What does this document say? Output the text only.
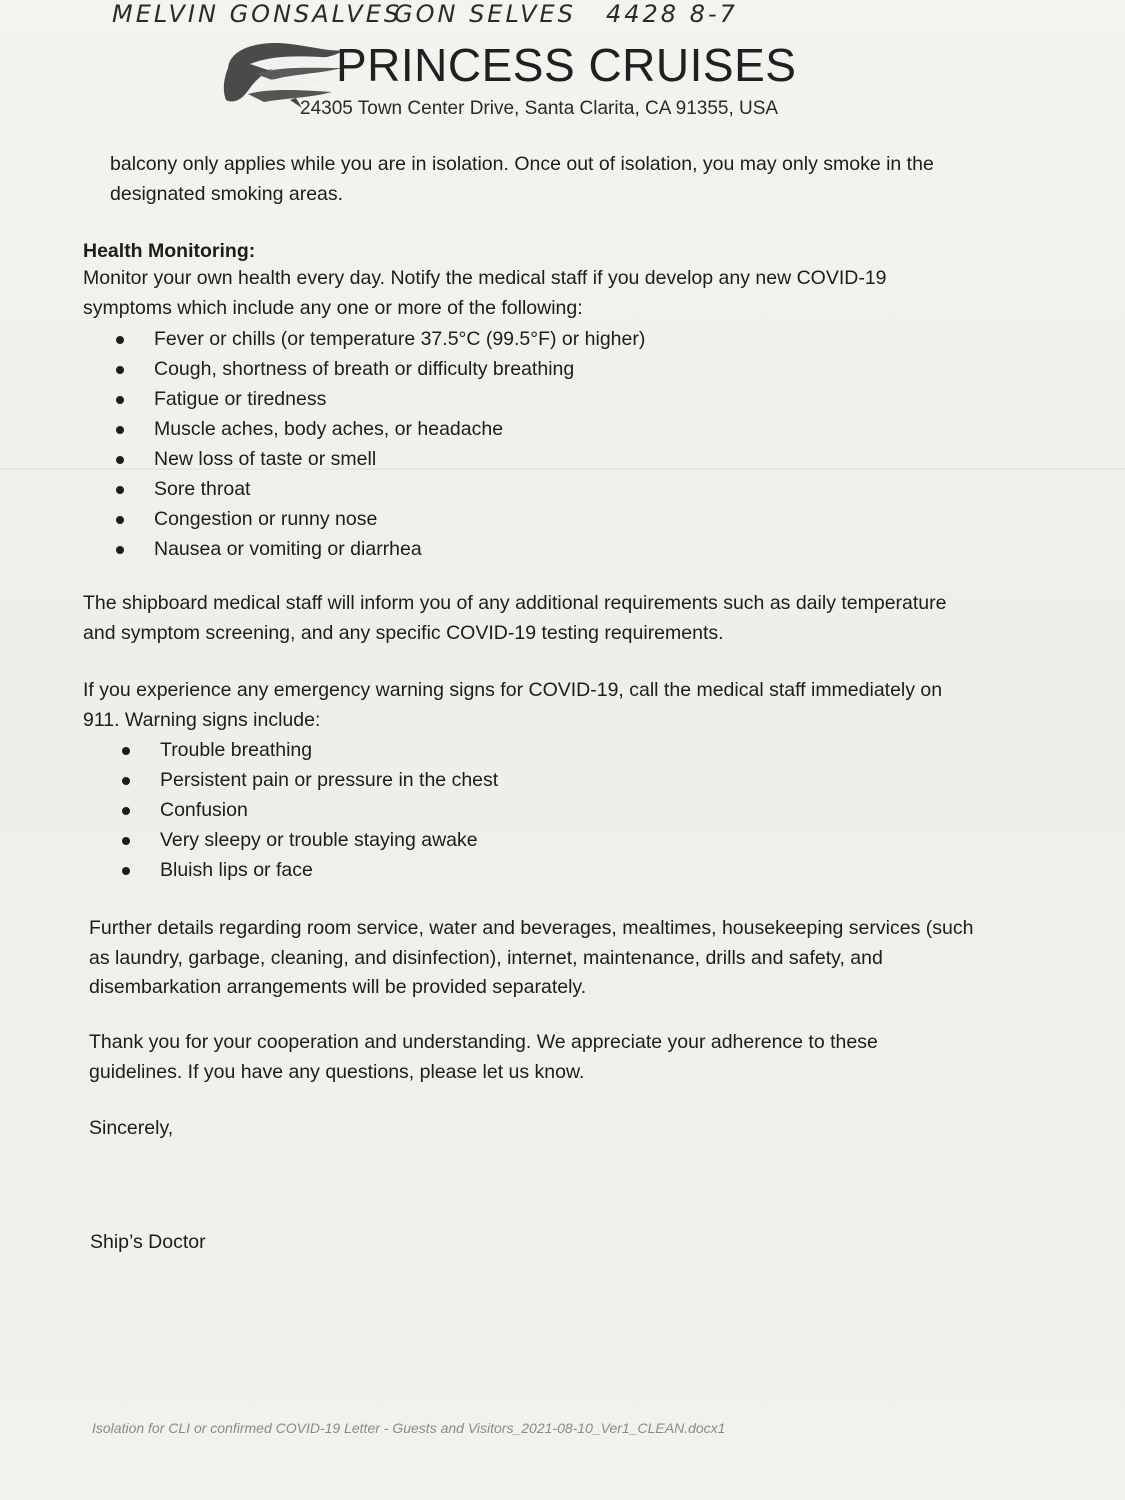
MELVIN GONSALVES
GON SELVES 4428 8-7
PRINCESS CRUISES
24305 Town Center Drive, Santa Clarita, CA 91355, USA
balcony only applies while you are in isolation. Once out of isolation, you may only smoke in the
designated smoking areas.
Health Monitoring:
Monitor your own health every day. Notify the medical staff if you develop any new COVID-19
symptoms which include any one or more of the following:
Fever or chills (or temperature 37.5°C (99.5°F) or higher)
Cough, shortness of breath or difficulty breathing
Fatigue or tiredness
Muscle aches, body aches, or headache
New loss of taste or smell
Sore throat
Congestion or runny nose
Nausea or vomiting or diarrhea
The shipboard medical staff will inform you of any additional requirements such as daily temperature
and symptom screening, and any specific COVID-19 testing requirements.
If you experience any emergency warning signs for COVID-19, call the medical staff immediately on
911. Warning signs include:
Trouble breathing
Persistent pain or pressure in the chest
Confusion
Very sleepy or trouble staying awake
Bluish lips or face
Further details regarding room service, water and beverages, mealtimes, housekeeping services (such
as laundry, garbage, cleaning, and disinfection), internet, maintenance, drills and safety, and
disembarkation arrangements will be provided separately.
Thank you for your cooperation and understanding. We appreciate your adherence to these
guidelines. If you have any questions, please let us know.
Sincerely,
Ship’s Doctor
Isolation for CLI or confirmed COVID-19 Letter - Guests and Visitors_2021-08-10_Ver1_CLEAN.docx1
